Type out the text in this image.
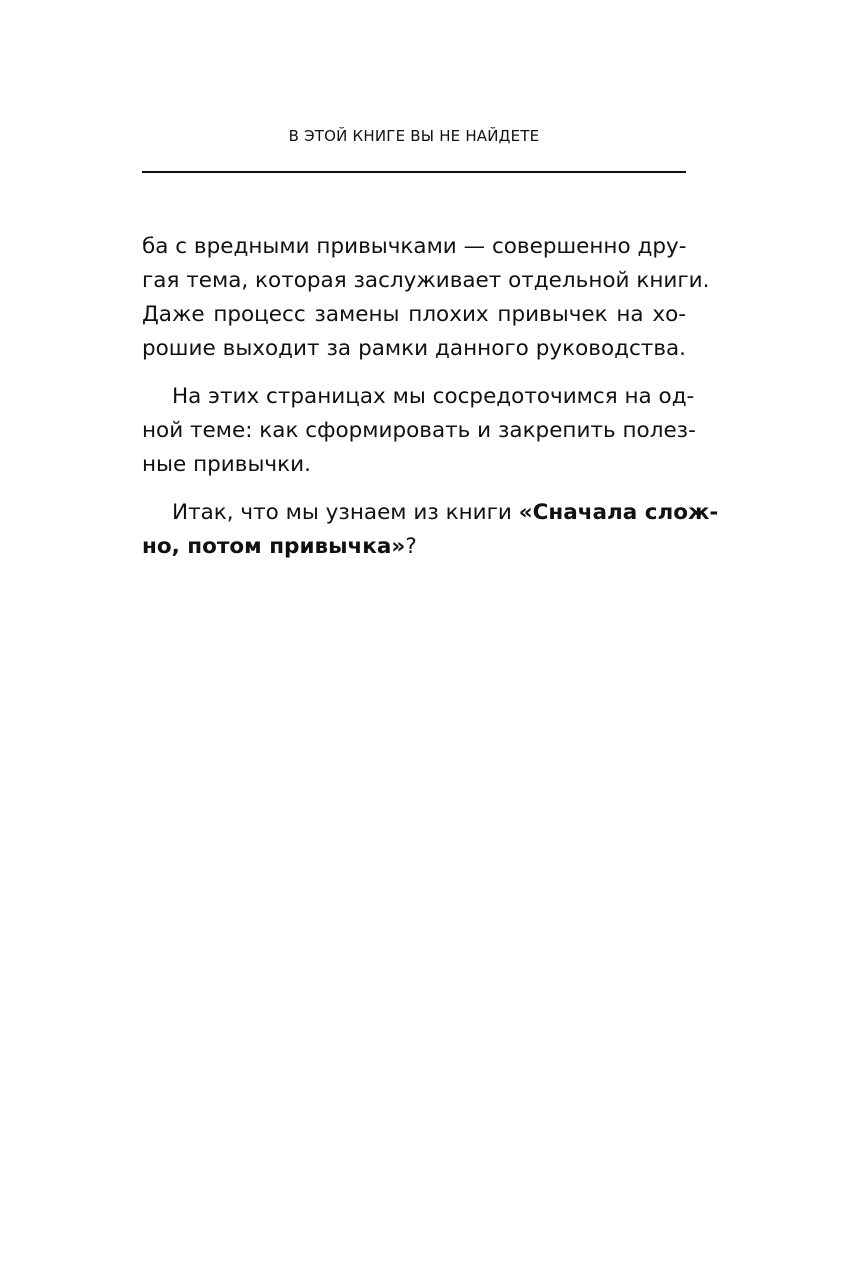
В ЭТОЙ КНИГЕ ВЫ НЕ НАЙДЕТЕ
ба с вредными привычками — совершенно дру-
гая тема, которая заслуживает отдельной книги.
Даже процесс замены плохих привычек на хо-
рошие выходит за рамки данного руководства.
На этих страницах мы сосредоточимся на од-
ной теме: как сформировать и закрепить полез-
ные привычки.
Итак, что мы узнаем из книги «Сначала слож-
но, потом привычка»?
